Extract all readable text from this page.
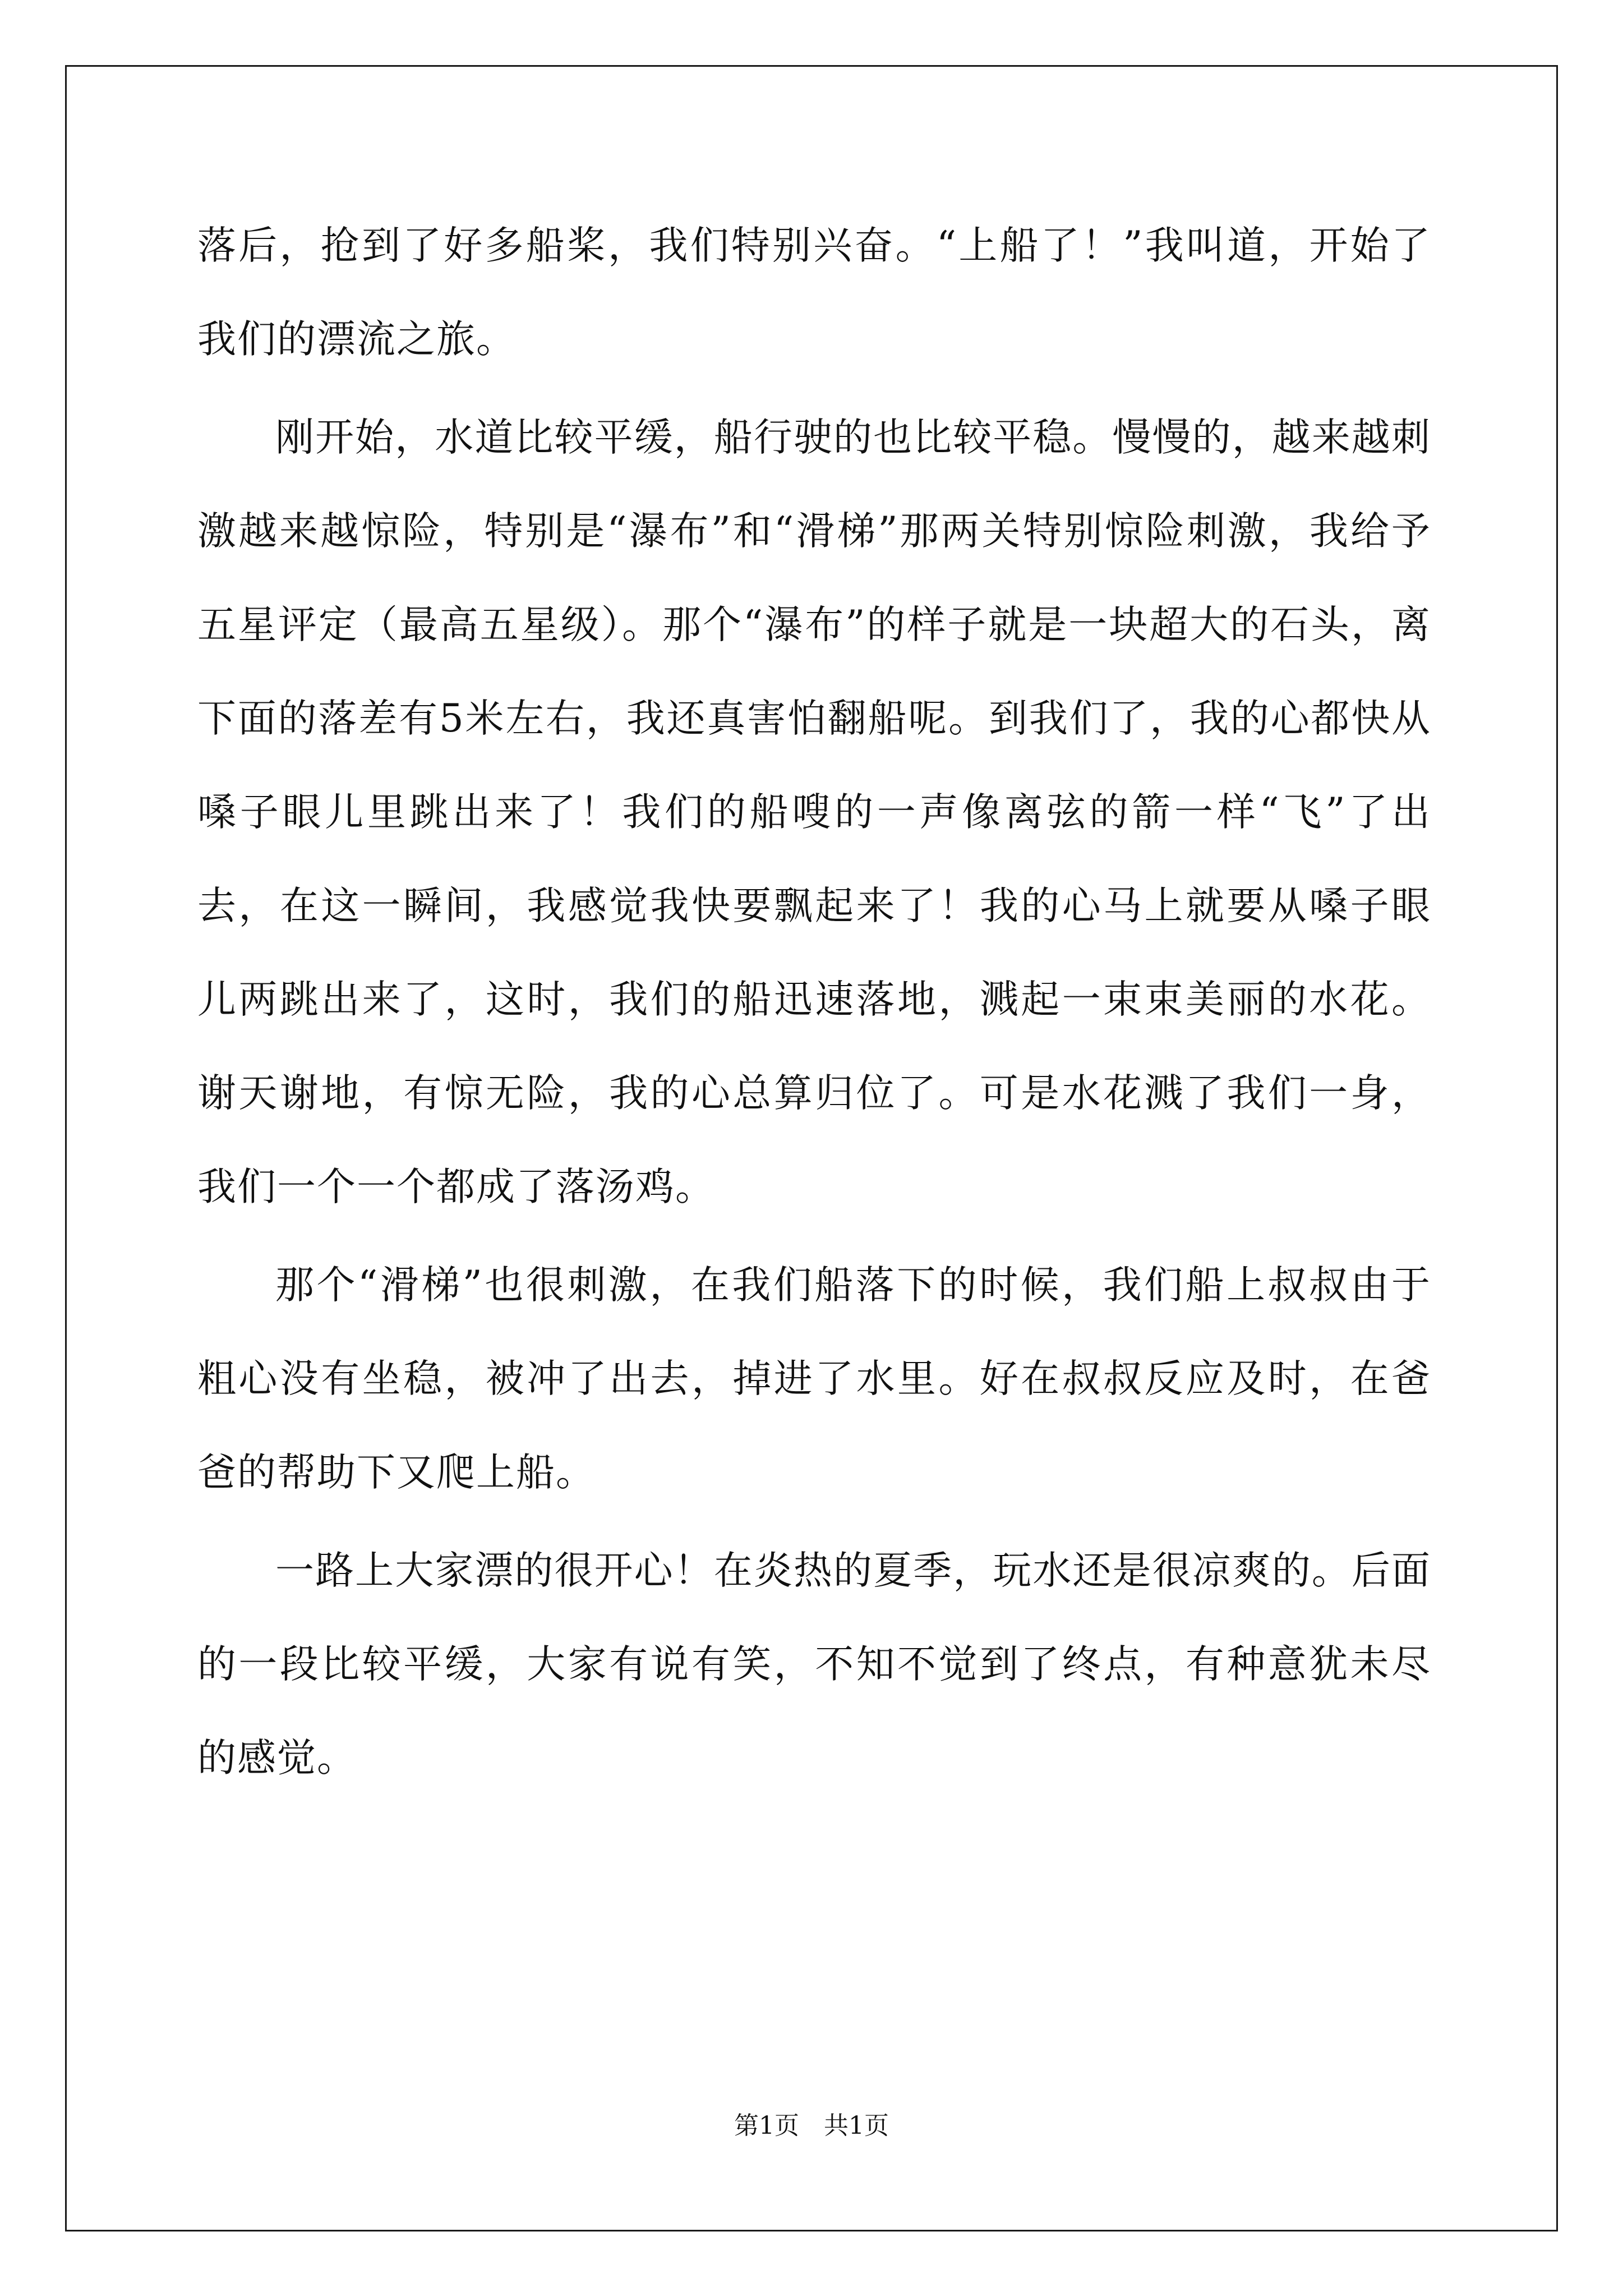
落后，抢到了好多船桨，我们特别兴奋。“上船了！”我叫道，开始了我们的漂流之旅。

刚开始，水道比较平缓，船行驶的也比较平稳。慢慢的，越来越刺激越来越惊险，特别是“瀑布”和“滑梯”那两关特别惊险刺激，我给予五星评定（最高五星级）。那个“瀑布”的样子就是一块超大的石头，离下面的落差有5米左右，我还真害怕翻船呢。到我们了，我的心都快从嗓子眼儿里跳出来了！我们的船嗖的一声像离弦的箭一样“飞”了出去，在这一瞬间，我感觉我快要飘起来了！我的心马上就要从嗓子眼儿两跳出来了，这时，我们的船迅速落地，溅起一束束美丽的水花。谢天谢地，有惊无险，我的心总算归位了。可是水花溅了我们一身，我们一个一个都成了落汤鸡。

那个“滑梯”也很刺激，在我们船落下的时候，我们船上叔叔由于粗心没有坐稳，被冲了出去，掉进了水里。好在叔叔反应及时，在爸爸的帮助下又爬上船。

一路上大家漂的很开心！在炎热的夏季，玩水还是很凉爽的。后面的一段比较平缓，大家有说有笑，不知不觉到了终点，有种意犹未尽的感觉。

第1页　共1页
